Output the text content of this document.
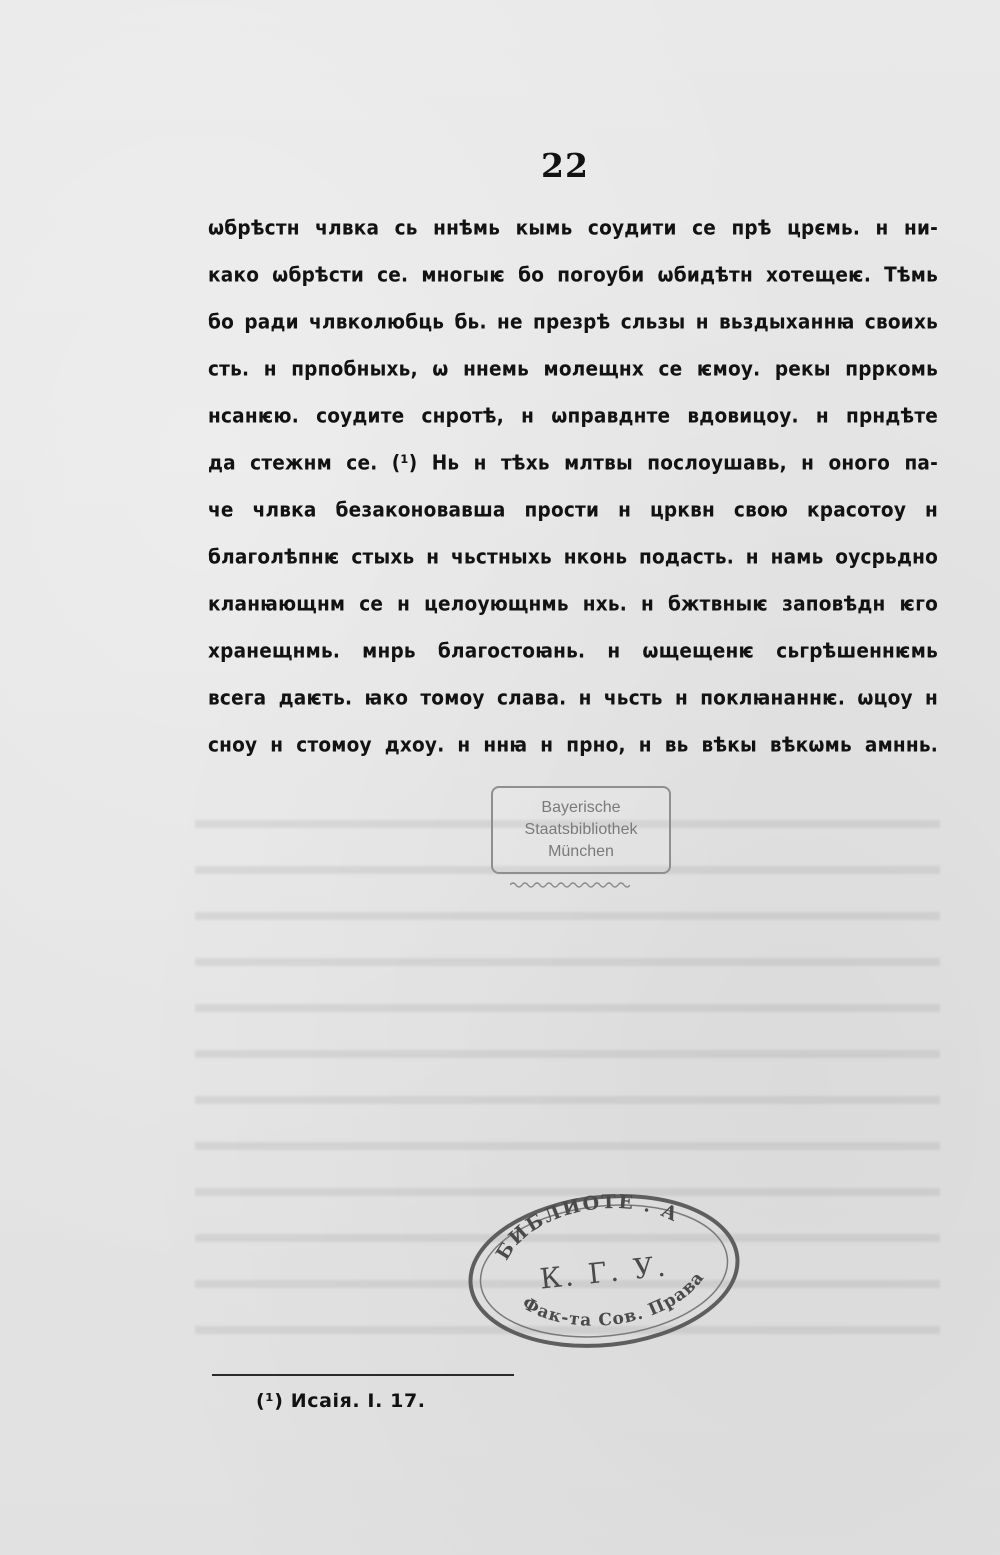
22
ѡбрѣстн члвка сь ннѣмь кымь соудити се прѣ црємь. н ни-
како ѡбрѣсти се. многыѥ бо погоуби ѡбидѣтн хотещеѥ. Тѣмь
бо ради члвколюбць бь. не презрѣ сльзы н вьздыханнꙗ своихь
сть. н прпобныхь, ѡ ннемь молещнх се ѥмоу. рекы прркомь
нсанѥю. соудите снротѣ, н ѡправднте вдовицоу. н прндѣте
да стежнм се. (¹) Нь н тѣхь млтвы послоушавь, н оного па-
че члвка безаконовавша прости н црквн свою красотоу н
благолѣпнѥ стыхь н чьстныхь нконь подасть. н намь оусрьдно
кланꙗющнм се н целоующнмь нхь. н бжтвныѥ заповѣдн ѥго
хранещнмь. мнрь благостоꙗнь. н ѡщещенѥ сьгрѣшеннѥмь
всега даѥть. ꙗко томоу слава. н чьсть н поклꙗнаннѥ. ѡцоу н
сноу н стомоу дхоу. н ннꙗ н прно, н вь вѣкы вѣкѡмь амннь.
Bayerische
Staatsbibliothek
München
БИБЛИОТЕ . А
К. Г. У.
Фак-та Сов. Права
(¹) Исаія. I. 17.
